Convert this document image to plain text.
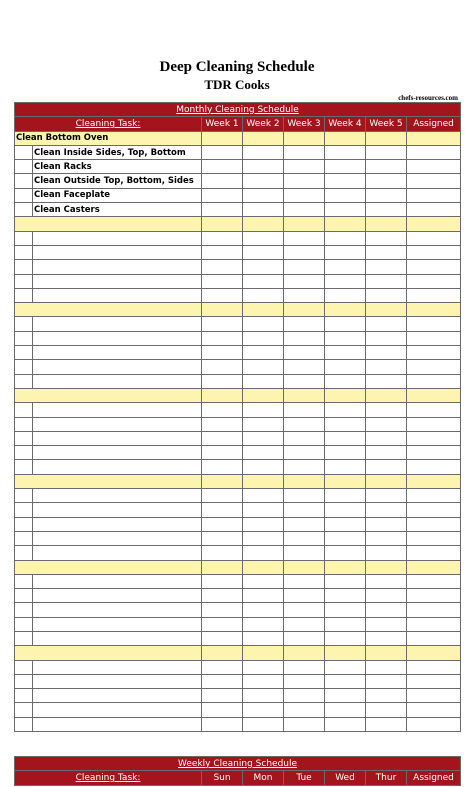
Deep Cleaning Schedule
TDR Cooks
chefs-resources.com
Monthly Cleaning Schedule							
Cleaning Task:		Week 1	Week 2	Week 3	Week 4	Week 5	Assigned
Clean Bottom Oven							
	Clean Inside Sides, Top, Bottom						
	Clean Racks						
	Clean Outside Top, Bottom, Sides						
	Clean Faceplate						
	Clean Casters						

Weekly Cleaning Schedule
Cleaning Task:	Sun	Mon	Tue	Wed	Thur	Assigned
